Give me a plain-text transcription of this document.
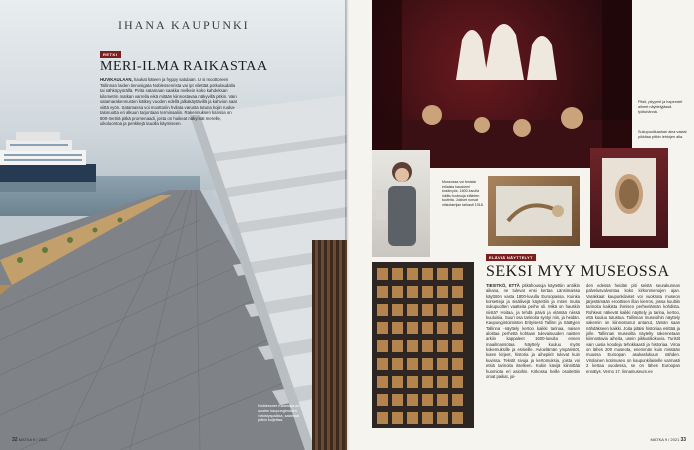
IHANA KAUPUNKI
RETKI
MERI-ILMA RAIKASTAA
HUVIKAULAAN, haukat käteen ja hyppy satulaan. U si moottoreen Tallinnan laiden tienosigata Noblessenrista vai ipt vilettää potkulaudalla tai sähköpyörällä. Pirita satamaan saakka melkein koko kahdeksan kilometrin matkan varrella eikä mitään kiinnostavaa näkyvillä pitkin. Vain satamarakennusten kätkey vuoden edellä jalkakäytävillä ja kahvion saat viittä vyön. Satamassa voi moottoriin hvilata varusta tutuna kojin ruoka-talonuotta eri alkuun tarjontaan terminaaliin. Rakennuksen kanssa on 800-metriä pitkä promenaadi, josta on huikeat näkymät merelle, uikoluontoa ja penkkejä tauolla käymiseen.
Noblessner Kalamaja on uusien kaupunginosien virkistyspaikka, satamaa pitkin kuljettaa.
32 MATKA 9 / 2021
Pitsit, pityymit ja haperotet aiheet näyttelyjässä työtuhännä.
Sukupuolikaahan aina vastat pikkitaa pitkin lehtojen alla.
Museossa voi testata erilaisia kaudormi koskivyös. 1600-luvulla lukittu tuoksuja eläinten tuoteita. Jokiset runsat niisiotarrijan tarkasti 1918.
ELÄVIÄ NÄYTTELYT
SEKSI MYY MUSEOSSA
TIESITKÖ, ETTÄ pitkähousuja käytettiin antiikin aikana, ne tulevat ensi kertaa Länsimaissa käyttöön vasta 1800-luvulla Euroopassa. Kuinka korsetteja ja sisäliivejä käytettiin ja miten muita sukupuolten vaatteita perhe oli. Mikä on hauskin niistä? Hoitaa, ja tehdä päivä ja elämää niissä kuuluisia. Suuri osa tarinoita syntyi niin, ja heidän. Kaupungintoimiston Erityisesti Tallinn ja Säätyjen Tallinna -näyttely kertoo kaikki tarinaa, naisen aloittaa perhettä kohtaan tulevaisuuden naisten arkiin kappaleet 1600-luvulta ennen maailmansotaa. Näyttely kuuluu myös kokemuksille ja esineille. Avioelämän ympäristöt, kuten kirjeet, historia ja aihepiirit tulevat kuin kuvissa. Tekstit sivuja ja kertomuksia, joista voi etsiä tarinoita itselleen. Kukin kävijä kiinnittää huomiota eri asioihin. Kirkossa heille osoitettiin omat paikat, joi-
den edessä heidän piti seistä seurakunnan palvelusvalvontaa koko kirkonmenojen ajan. Varakkaat kaupunkilaiset voi vuokrata museon järjestämään eroottisen illan kierros, jossa kuultiin tarinoita kaikista ihmisen perheelämän kohdista. Rohkeat näkevät kaikki näyttely ja tarina, kertoo, että kuuluu tutustua. Tallinnan museoihin näyttely sakemin on kiinnostunut antanut, tämän saan nähdäkseen kaikki. Joita pitäisi historiaa esittää ja jolle. Tallinnan museoilta näytelty rakennetaan kiinnostavia aiheita, usein pikkusiliokuvia. Turistit vain uusia koodeja tehokkaasti ja historiaa. Viroa on lähes 200 museota, enemmän kuin missään muussa Euroopan asukaslukuun nähden. Virolainen kotimuseo on kaupunkilaiselle varmasti 2 kertaa vuodessa, se on lähes Euroopan ennätys. Verno 17. linnamuseum.ee
MATKA 9 / 2021 33
